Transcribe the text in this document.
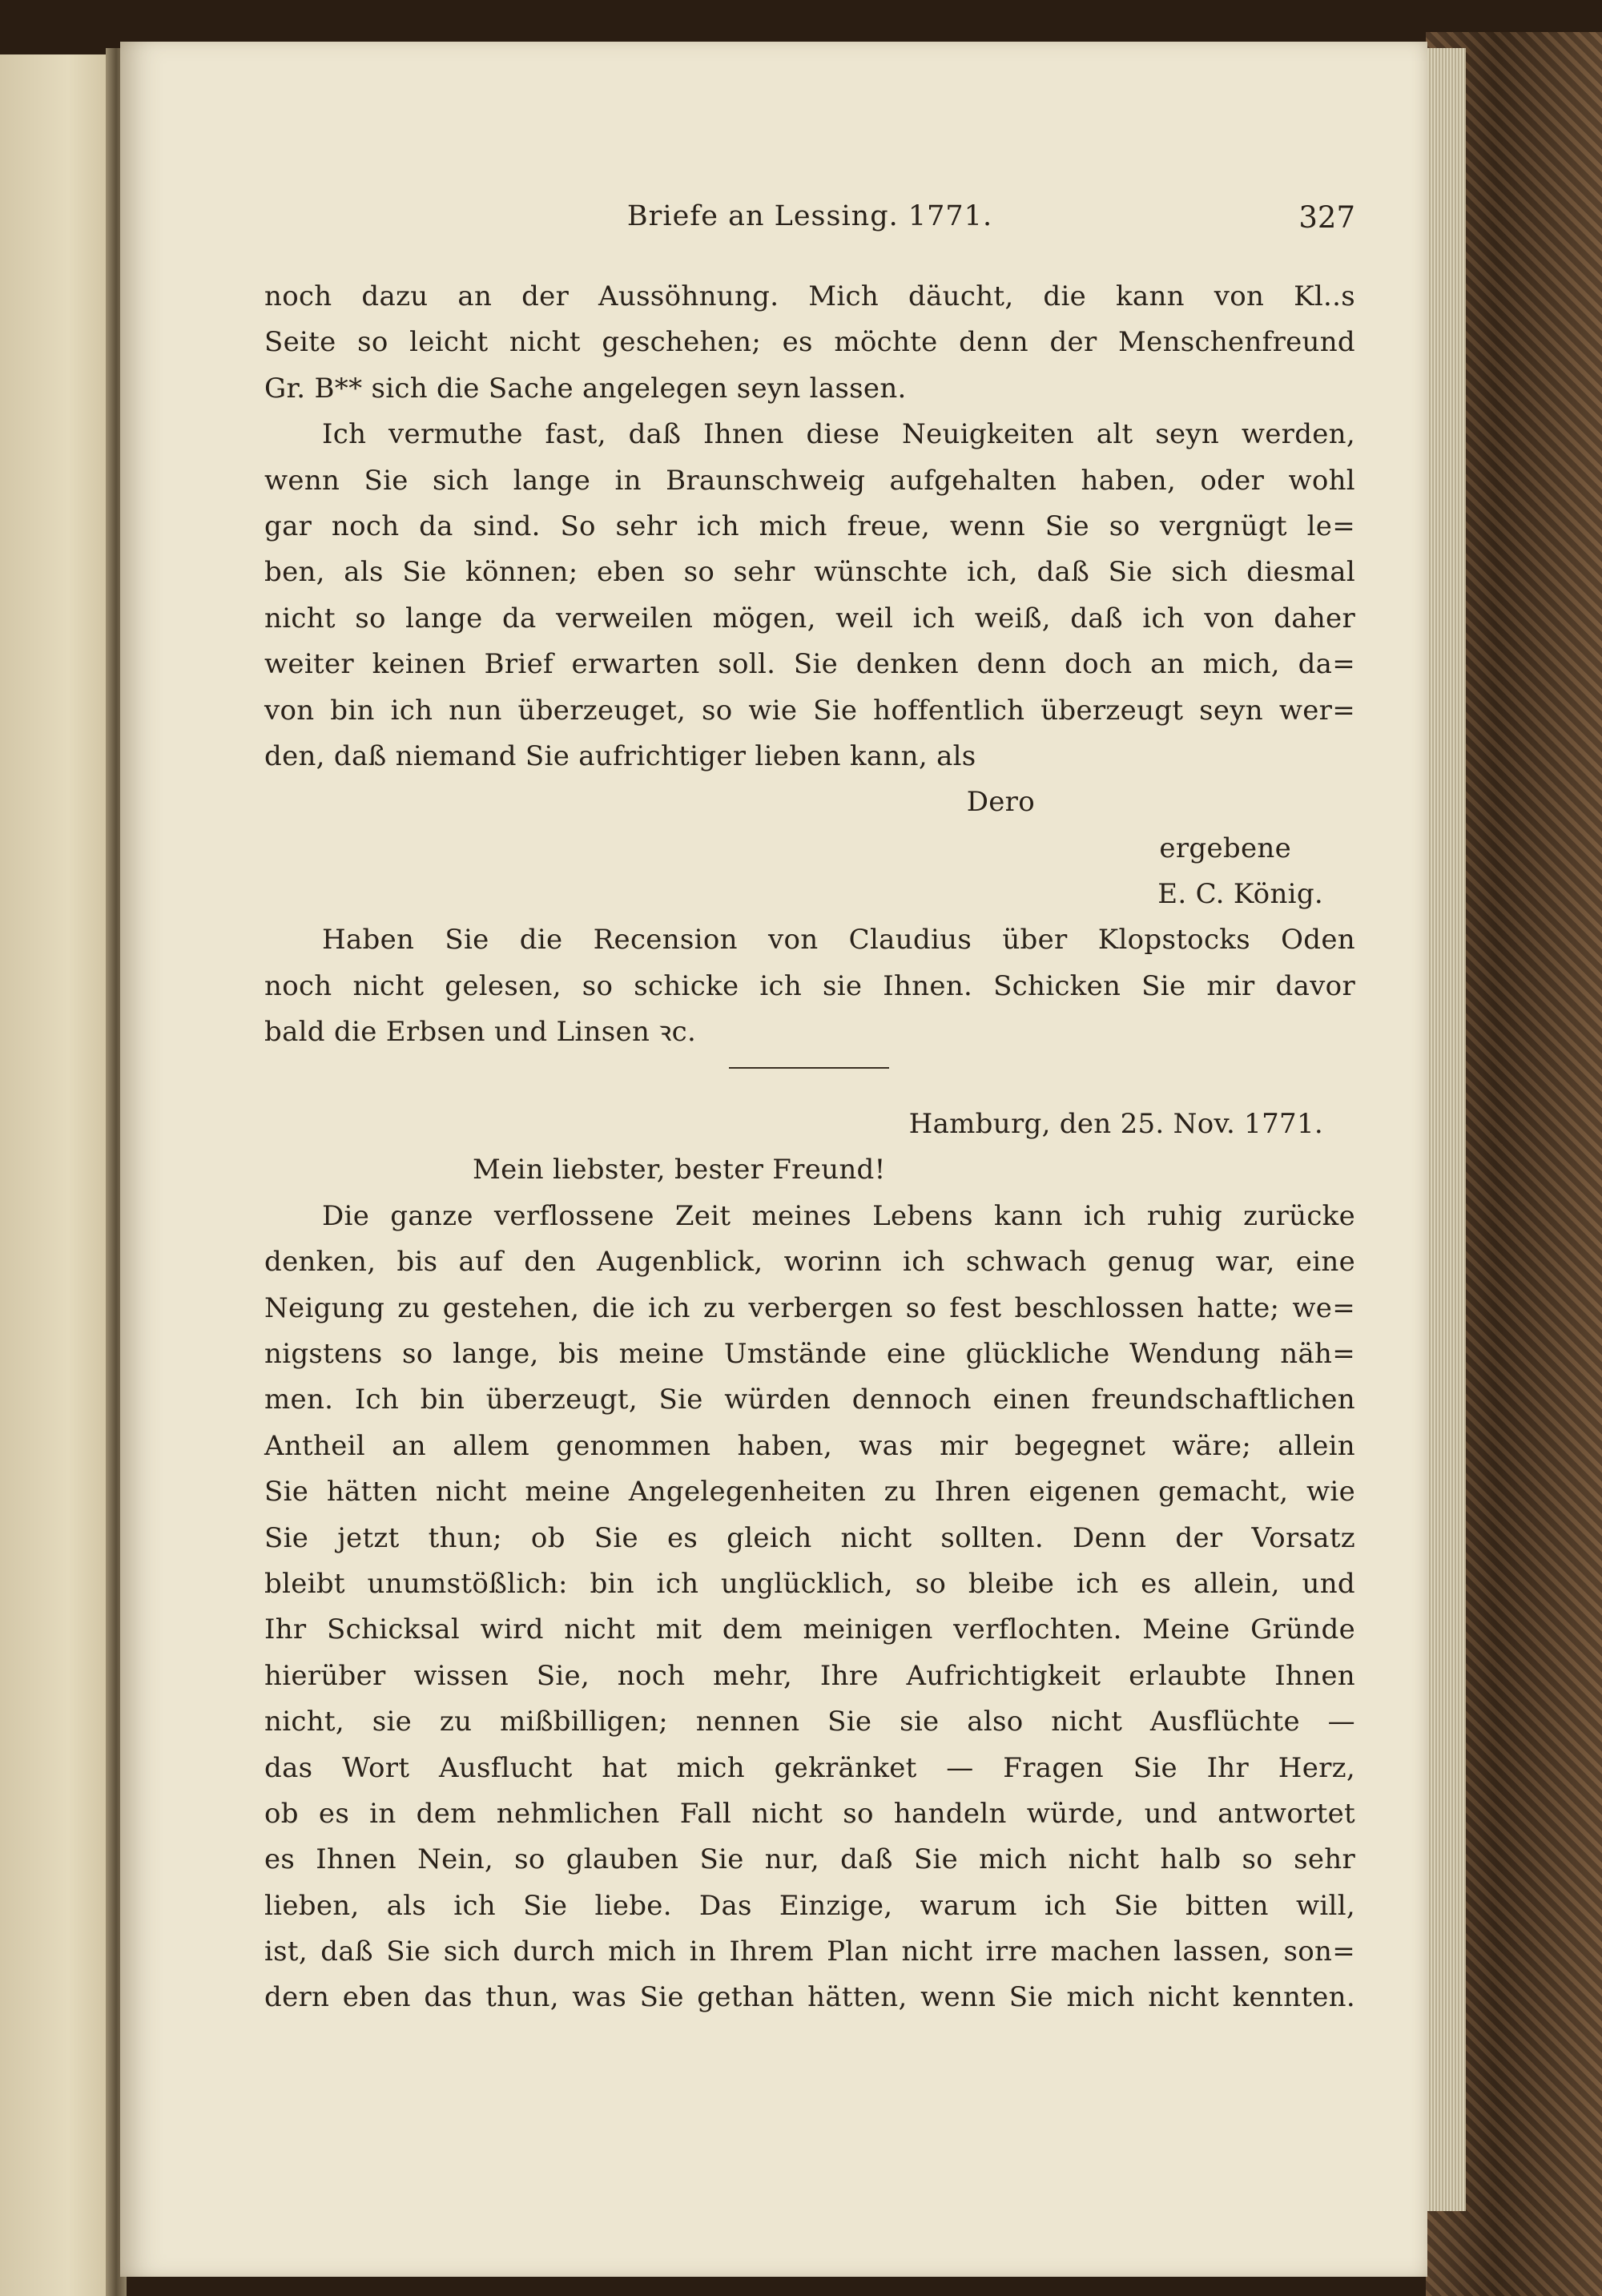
Briefe an Lessing. 1771.	327
noch dazu an der Aussöhnung. Mich däucht, die kann von Kl..s
Seite so leicht nicht geschehen; es möchte denn der Menschenfreund
Gr. B** sich die Sache angelegen seyn lassen.
Ich vermuthe fast, daß Ihnen diese Neuigkeiten alt seyn werden,
wenn Sie sich lange in Braunschweig aufgehalten haben, oder wohl
gar noch da sind. So sehr ich mich freue, wenn Sie so vergnügt le=
ben, als Sie können; eben so sehr wünschte ich, daß Sie sich diesmal
nicht so lange da verweilen mögen, weil ich weiß, daß ich von daher
weiter keinen Brief erwarten soll. Sie denken denn doch an mich, da=
von bin ich nun überzeuget, so wie Sie hoffentlich überzeugt seyn wer=
den, daß niemand Sie aufrichtiger lieben kann, als
Dero
ergebene
E. C. König.
Haben Sie die Recension von Claudius über Klopstocks Oden
noch nicht gelesen, so schicke ich sie Ihnen. Schicken Sie mir davor
bald die Erbsen und Linsen ꝛc.
Hamburg, den 25. Nov. 1771.
Mein liebster, bester Freund!
Die ganze verflossene Zeit meines Lebens kann ich ruhig zurücke
denken, bis auf den Augenblick, worinn ich schwach genug war, eine
Neigung zu gestehen, die ich zu verbergen so fest beschlossen hatte; we=
nigstens so lange, bis meine Umstände eine glückliche Wendung näh=
men. Ich bin überzeugt, Sie würden dennoch einen freundschaftlichen
Antheil an allem genommen haben, was mir begegnet wäre; allein
Sie hätten nicht meine Angelegenheiten zu Ihren eigenen gemacht, wie
Sie jetzt thun; ob Sie es gleich nicht sollten. Denn der Vorsatz
bleibt unumstößlich: bin ich unglücklich, so bleibe ich es allein, und
Ihr Schicksal wird nicht mit dem meinigen verflochten. Meine Gründe
hierüber wissen Sie, noch mehr, Ihre Aufrichtigkeit erlaubte Ihnen
nicht, sie zu mißbilligen; nennen Sie sie also nicht Ausflüchte —
das Wort Ausflucht hat mich gekränket — Fragen Sie Ihr Herz,
ob es in dem nehmlichen Fall nicht so handeln würde, und antwortet
es Ihnen Nein, so glauben Sie nur, daß Sie mich nicht halb so sehr
lieben, als ich Sie liebe. Das Einzige, warum ich Sie bitten will,
ist, daß Sie sich durch mich in Ihrem Plan nicht irre machen lassen, son=
dern eben das thun, was Sie gethan hätten, wenn Sie mich nicht kennten.
